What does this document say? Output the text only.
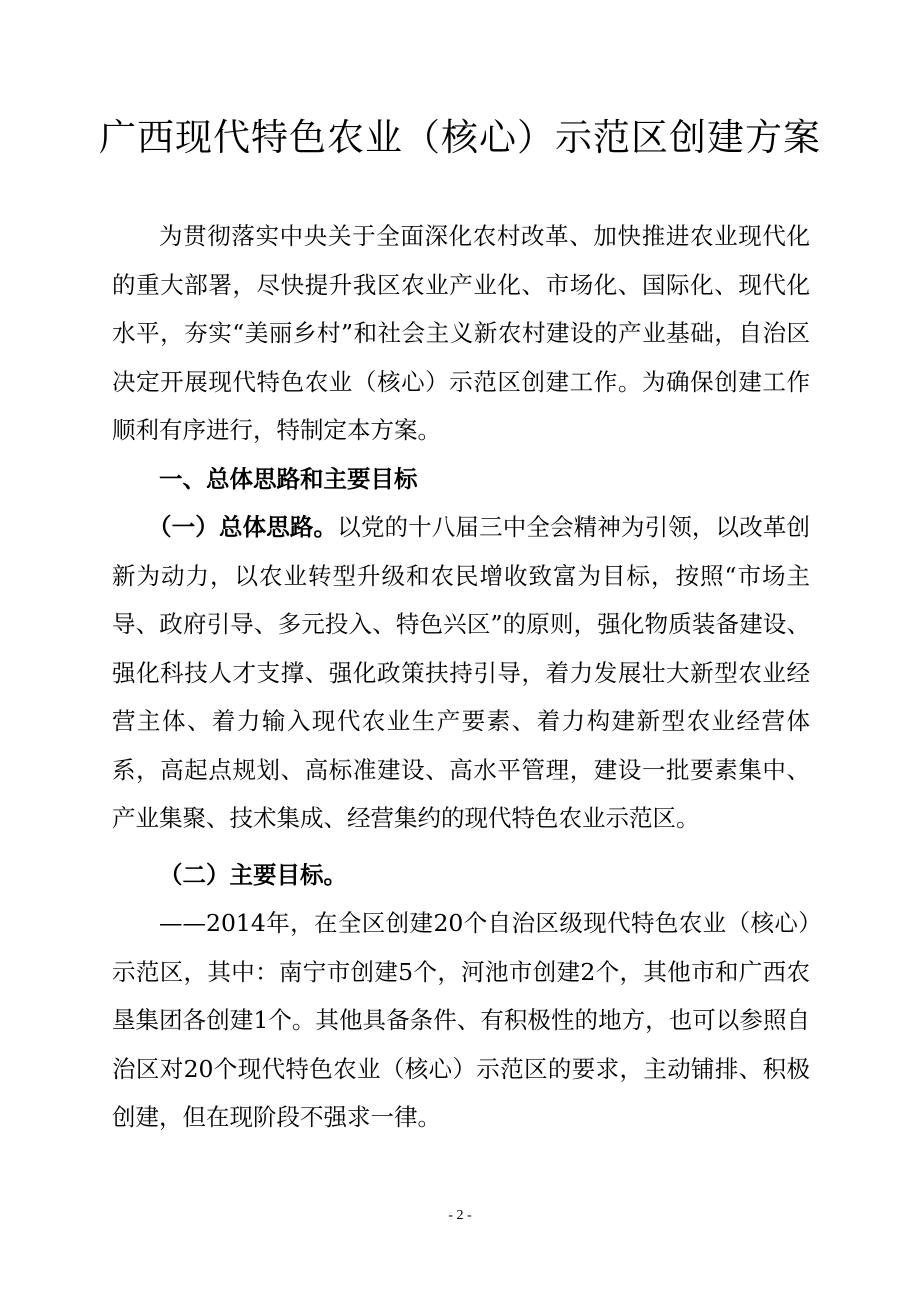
广西现代特色农业（核心）示范区创建方案

为贯彻落实中央关于全面深化农村改革、加快推进农业现代化的重大部署，尽快提升我区农业产业化、市场化、国际化、现代化水平，夯实“美丽乡村”和社会主义新农村建设的产业基础，自治区决定开展现代特色农业（核心）示范区创建工作。为确保创建工作顺利有序进行，特制定本方案。

一、总体思路和主要目标

（一）总体思路。以党的十八届三中全会精神为引领，以改革创新为动力，以农业转型升级和农民增收致富为目标，按照“市场主导、政府引导、多元投入、特色兴区”的原则，强化物质装备建设、强化科技人才支撑、强化政策扶持引导，着力发展壮大新型农业经营主体、着力输入现代农业生产要素、着力构建新型农业经营体系，高起点规划、高标准建设、高水平管理，建设一批要素集中、产业集聚、技术集成、经营集约的现代特色农业示范区。

（二）主要目标。

——2014年，在全区创建20个自治区级现代特色农业（核心）示范区，其中：南宁市创建5个，河池市创建2个，其他市和广西农垦集团各创建1个。其他具备条件、有积极性的地方，也可以参照自治区对20个现代特色农业（核心）示范区的要求，主动铺排、积极创建，但在现阶段不强求一律。

- 2 -
